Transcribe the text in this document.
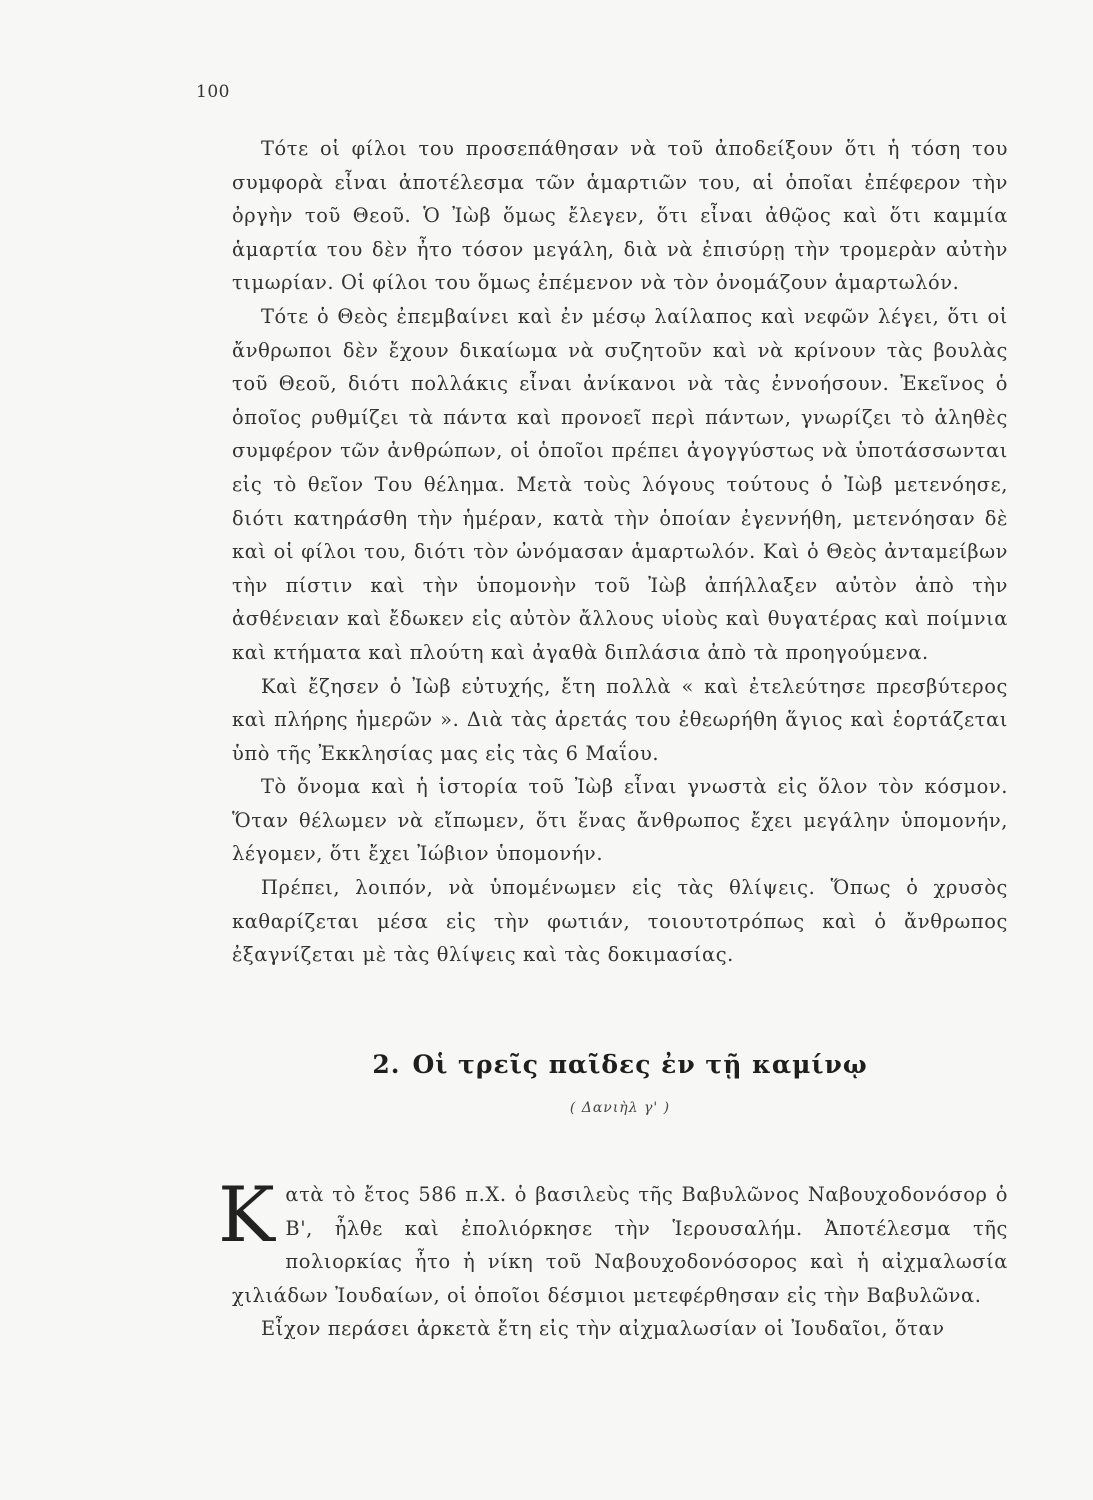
100

Τότε οἱ φίλοι του προσεπάθησαν νὰ τοῦ ἀποδείξουν ὅτι ἡ τόση του συμφορὰ εἶναι ἀποτέλεσμα τῶν ἁμαρτιῶν του, αἱ ὁποῖαι ἐπέφερον τὴν ὀργὴν τοῦ Θεοῦ. Ὁ Ἰὼβ ὅμως ἔλεγεν, ὅτι εἶναι ἀθῷος καὶ ὅτι καμμία ἁμαρτία του δὲν ἦτο τόσον μεγάλη, διὰ νὰ ἐπισύρῃ τὴν τρομερὰν αὐτὴν τιμωρίαν. Οἱ φίλοι του ὅμως ἐπέμενον νὰ τὸν ὀνομάζουν ἁμαρτωλόν.

Τότε ὁ Θεὸς ἐπεμβαίνει καὶ ἐν μέσῳ λαίλαπος καὶ νεφῶν λέγει, ὅτι οἱ ἄνθρωποι δὲν ἔχουν δικαίωμα νὰ συζητοῦν καὶ νὰ κρίνουν τὰς βουλὰς τοῦ Θεοῦ, διότι πολλάκις εἶναι ἀνίκανοι νὰ τὰς ἐννοήσουν. Ἐκεῖνος ὁ ὁποῖος ρυθμίζει τὰ πάντα καὶ προνοεῖ περὶ πάντων, γνωρίζει τὸ ἀληθὲς συμφέρον τῶν ἀνθρώπων, οἱ ὁποῖοι πρέπει ἀγογγύστως νὰ ὑποτάσσωνται εἰς τὸ θεῖον Του θέλημα. Μετὰ τοὺς λόγους τούτους ὁ Ἰὼβ μετενόησε, διότι κατηράσθη τὴν ἡμέραν, κατὰ τὴν ὁποίαν ἐγεννήθη, μετενόησαν δὲ καὶ οἱ φίλοι του, διότι τὸν ὠνόμασαν ἁμαρτωλόν. Καὶ ὁ Θεὸς ἀνταμείβων τὴν πίστιν καὶ τὴν ὑπομονὴν τοῦ Ἰὼβ ἀπήλλαξεν αὐτὸν ἀπὸ τὴν ἀσθένειαν καὶ ἔδωκεν εἰς αὐτὸν ἄλλους υἱοὺς καὶ θυγατέρας καὶ ποίμνια καὶ κτήματα καὶ πλούτη καὶ ἀγαθὰ διπλάσια ἀπὸ τὰ προηγούμενα.

Καὶ ἔζησεν ὁ Ἰὼβ εὐτυχής, ἔτη πολλὰ « καὶ ἐτελεύτησε πρεσβύτερος καὶ πλήρης ἡμερῶν ». Διὰ τὰς ἀρετάς του ἐθεωρήθη ἅγιος καὶ ἑορτάζεται ὑπὸ τῆς Ἐκκλησίας μας εἰς τὰς 6 Μαΐου.

Τὸ ὄνομα καὶ ἡ ἱστορία τοῦ Ἰὼβ εἶναι γνωστὰ εἰς ὅλον τὸν κόσμον. Ὅταν θέλωμεν νὰ εἴπωμεν, ὅτι ἕνας ἄνθρωπος ἔχει μεγάλην ὑπομονήν, λέγομεν, ὅτι ἔχει Ἰώβιον ὑπομονήν.

Πρέπει, λοιπόν, νὰ ὑπομένωμεν εἰς τὰς θλίψεις. Ὅπως ὁ χρυσὸς καθαρίζεται μέσα εἰς τὴν φωτιάν, τοιουτοτρόπως καὶ ὁ ἄνθρωπος ἐξαγνίζεται μὲ τὰς θλίψεις καὶ τὰς δοκιμασίας.

2. Οἱ τρεῖς παῖδες ἐν τῇ καμίνῳ
( Δανιὴλ γ' )

Κατὰ τὸ ἔτος 586 π.Χ. ὁ βασιλεὺς τῆς Βαβυλῶνος Ναβουχοδονόσορ ὁ Β', ἦλθε καὶ ἐπολιόρκησε τὴν Ἱερουσαλήμ. Ἀποτέλεσμα τῆς πολιορκίας ἦτο ἡ νίκη τοῦ Ναβουχοδονόσορος καὶ ἡ αἰχμαλωσία χιλιάδων Ἰουδαίων, οἱ ὁποῖοι δέσμιοι μετεφέρθησαν εἰς τὴν Βαβυλῶνα.

Εἶχον περάσει ἀρκετὰ ἔτη εἰς τὴν αἰχμαλωσίαν οἱ Ἰουδαῖοι, ὅταν
